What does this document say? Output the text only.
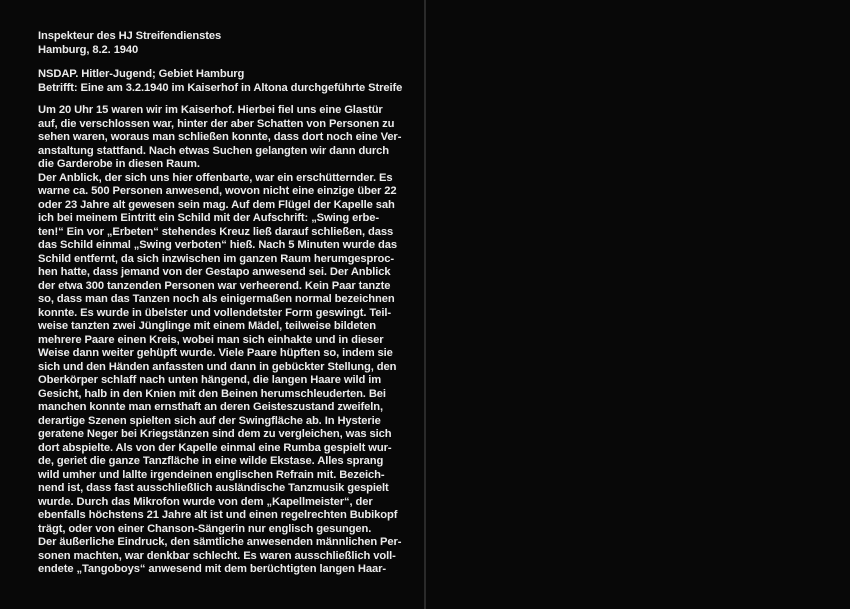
Inspekteur des HJ Streifendienstes
Hamburg, 8.2. 1940
NSDAP. Hitler-Jugend; Gebiet Hamburg
Betrifft: Eine am 3.2.1940 im Kaiserhof in Altona durchgeführte Streife
Um 20 Uhr 15 waren wir im Kaiserhof. Hierbei fiel uns eine Glastür
auf, die verschlossen war, hinter der aber Schatten von Personen zu
sehen waren, woraus man schließen konnte, dass dort noch eine Ver-
anstaltung stattfand. Nach etwas Suchen gelangten wir dann durch
die Garderobe in diesen Raum.
Der Anblick, der sich uns hier offenbarte, war ein erschütternder. Es
warne ca. 500 Personen anwesend, wovon nicht eine einzige über 22
oder 23 Jahre alt gewesen sein mag. Auf dem Flügel der Kapelle sah
ich bei meinem Eintritt ein Schild mit der Aufschrift: „Swing erbe-
ten!“ Ein vor „Erbeten“ stehendes Kreuz ließ darauf schließen, dass
das Schild einmal „Swing verboten“ hieß. Nach 5 Minuten wurde das
Schild entfernt, da sich inzwischen im ganzen Raum herumgesproc-
hen hatte, dass jemand von der Gestapo anwesend sei. Der Anblick
der etwa 300 tanzenden Personen war verheerend. Kein Paar tanzte
so, dass man das Tanzen noch als einigermaßen normal bezeichnen
konnte. Es wurde in übelster und vollendetster Form geswingt. Teil-
weise tanzten zwei Jünglinge mit einem Mädel, teilweise bildeten
mehrere Paare einen Kreis, wobei man sich einhakte und in dieser
Weise dann weiter gehüpft wurde. Viele Paare hüpften so, indem sie
sich und den Händen anfassten und dann in gebückter Stellung, den
Oberkörper schlaff nach unten hängend, die langen Haare wild im
Gesicht, halb in den Knien mit den Beinen herumschleuderten. Bei
manchen konnte man ernsthaft an deren Geisteszustand zweifeln,
derartige Szenen spielten sich auf der Swingfläche ab. In Hysterie
geratene Neger bei Kriegstänzen sind dem zu vergleichen, was sich
dort abspielte. Als von der Kapelle einmal eine Rumba gespielt wur-
de, geriet die ganze Tanzfläche in eine wilde Ekstase. Alles sprang
wild umher und lallte irgendeinen englischen Refrain mit. Bezeich-
nend ist, dass fast ausschließlich ausländische Tanzmusik gespielt
wurde. Durch das Mikrofon wurde von dem „Kapellmeister“, der
ebenfalls höchstens 21 Jahre alt ist und einen regelrechten Bubikopf
trägt, oder von einer Chanson-Sängerin nur englisch gesungen.
Der äußerliche Eindruck, den sämtliche anwesenden männlichen Per-
sonen machten, war denkbar schlecht. Es waren ausschließlich voll-
endete „Tangoboys“ anwesend mit dem berüchtigten langen Haar-
